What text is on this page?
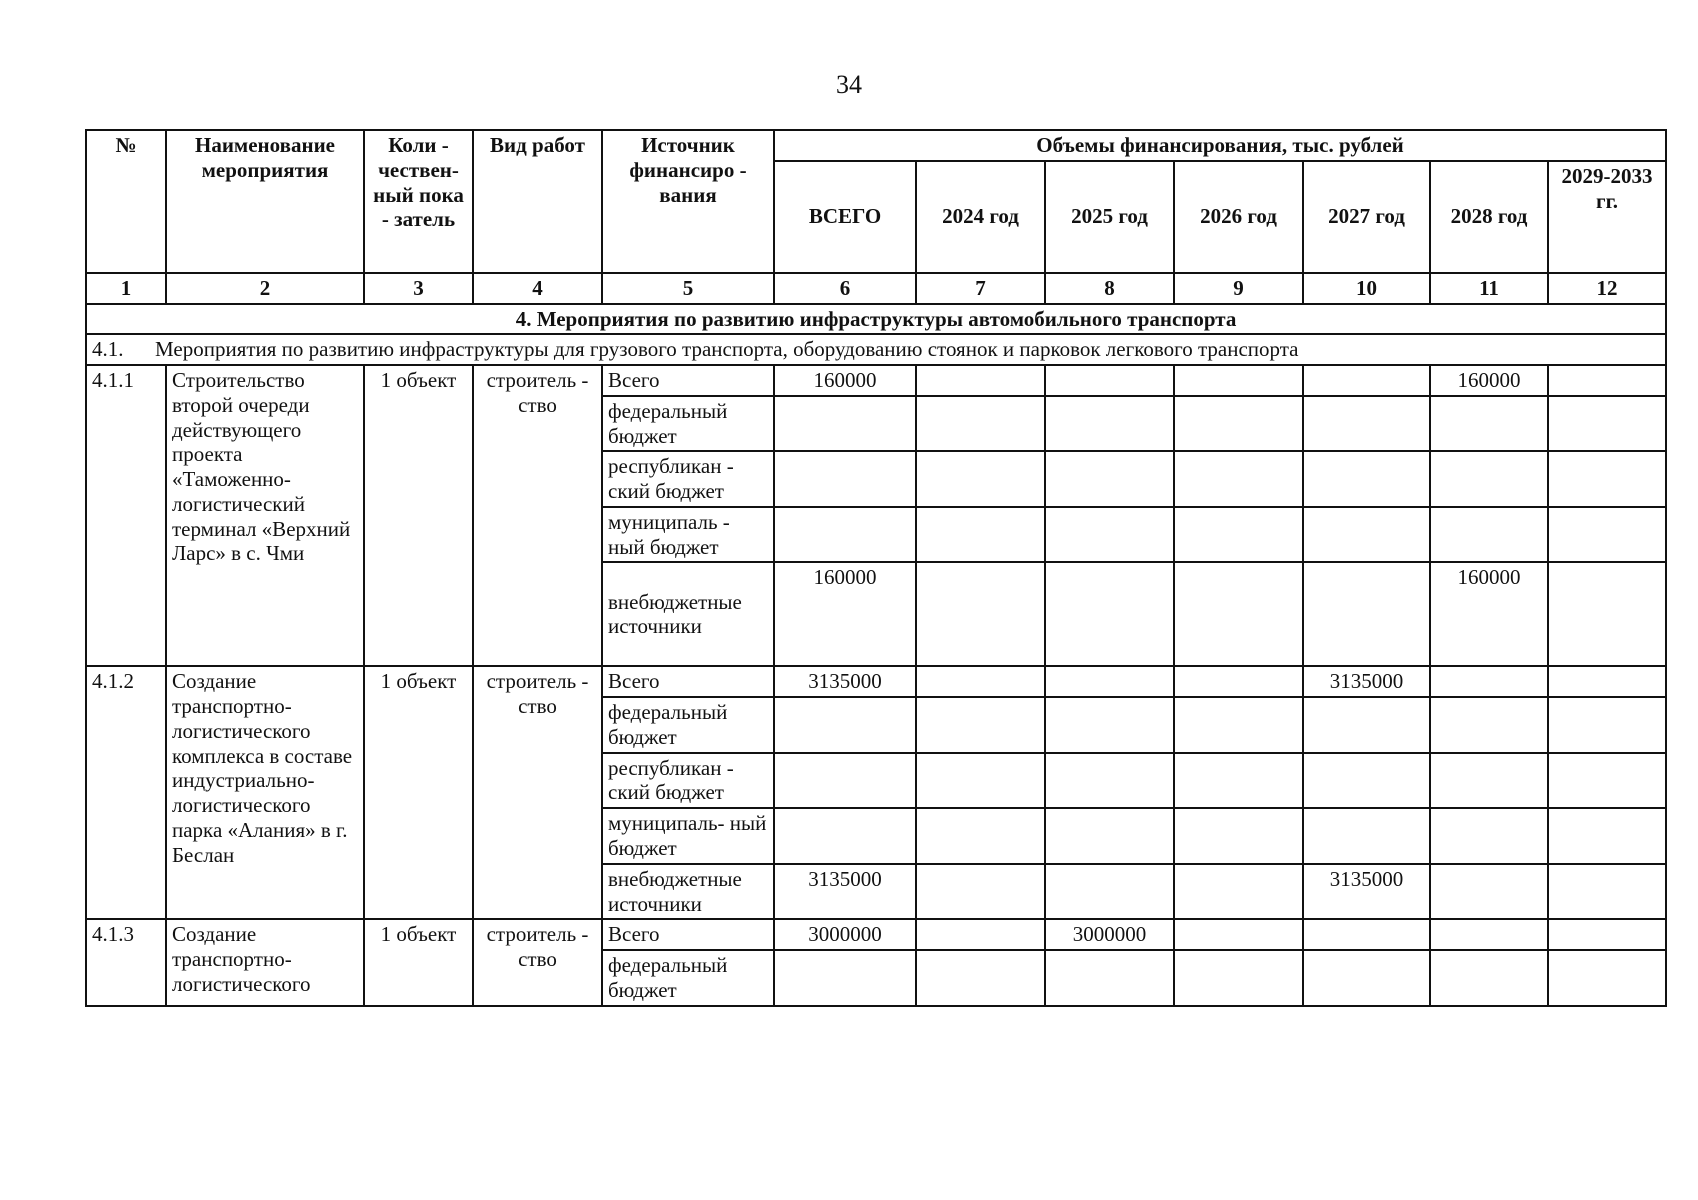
34
№	Наименование мероприятия	Коли - чествен- ный пока - затель	Вид работ	Источник финансиро - вания	Объемы финансирования, тыс. рублей						
					ВСЕГО	2024 год	2025 год	2026 год	2027 год	2028 год	2029-2033 гг.
1	2	3	4	5	6	7	8	9	10	11	12
4. Мероприятия по развитию инфраструктуры автомобильного транспорта											
4.1. Мероприятия по развитию инфраструктуры для грузового транспорта, оборудованию стоянок и парковок легкового транспорта											
4.1.1	Строительство второй очереди действующего проекта «Таможенно-логистический терминал «Верхний Ларс» в с. Чми	1 объект	строитель - ство	Всего	160000					160000	
				федеральный бюджет							
				республикан - ский бюджет							
				муниципаль - ный бюджет							
				внебюджетные источники	160000					160000	
4.1.2	Создание транспортно-логистического комплекса в составе индустриально-логистического парка «Алания» в г. Беслан	1 объект	строитель - ство	Всего	3135000				3135000		
				федеральный бюджет							
				республикан - ский бюджет							
				муниципаль- ный бюджет							
				внебюджетные источники	3135000				3135000		
4.1.3	Создание транспортно-логистического	1 объект	строитель - ство	Всего	3000000		3000000				
				федеральный бюджет							
